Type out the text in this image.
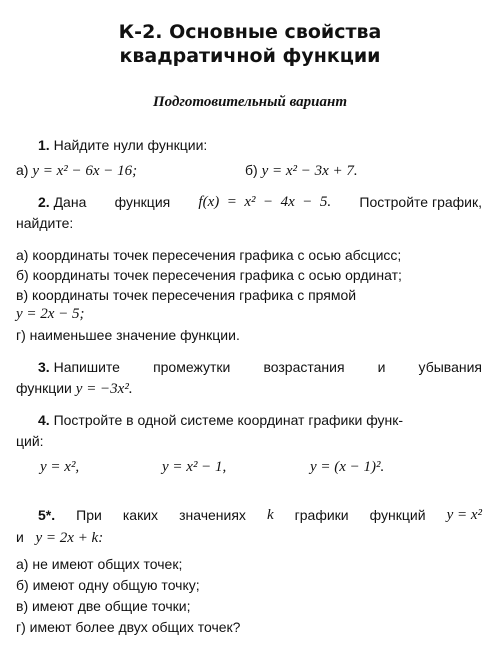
К-2. Основные свойства
квадратичной функции
Подготовительный вариант
1. Найдите нули функции:
а) y = x² − 6x − 16;	б) y = x² − 3x + 7.
2. Дана функция f(x)  =  x²  −  4x  −  5. Постройте график,
найдите:
а) координаты точек пересечения графика с осью абсцисс;
б) координаты точек пересечения графика с осью ординат;
в) координаты точек пересечения графика с прямой
y = 2x − 5;
г) наименьшее значение функции.
3. Напишите промежутки возрастания и убывания
функции y = −3x².
4. Постройте в одной системе координат графики функ-
ций:
y = x²,	y = x² − 1,	y = (x − 1)².
5*. При каких значениях k графики функций y = x²
и y = 2x + k:
а) не имеют общих точек;
б) имеют одну общую точку;
в) имеют две общие точки;
г) имеют более двух общих точек?
